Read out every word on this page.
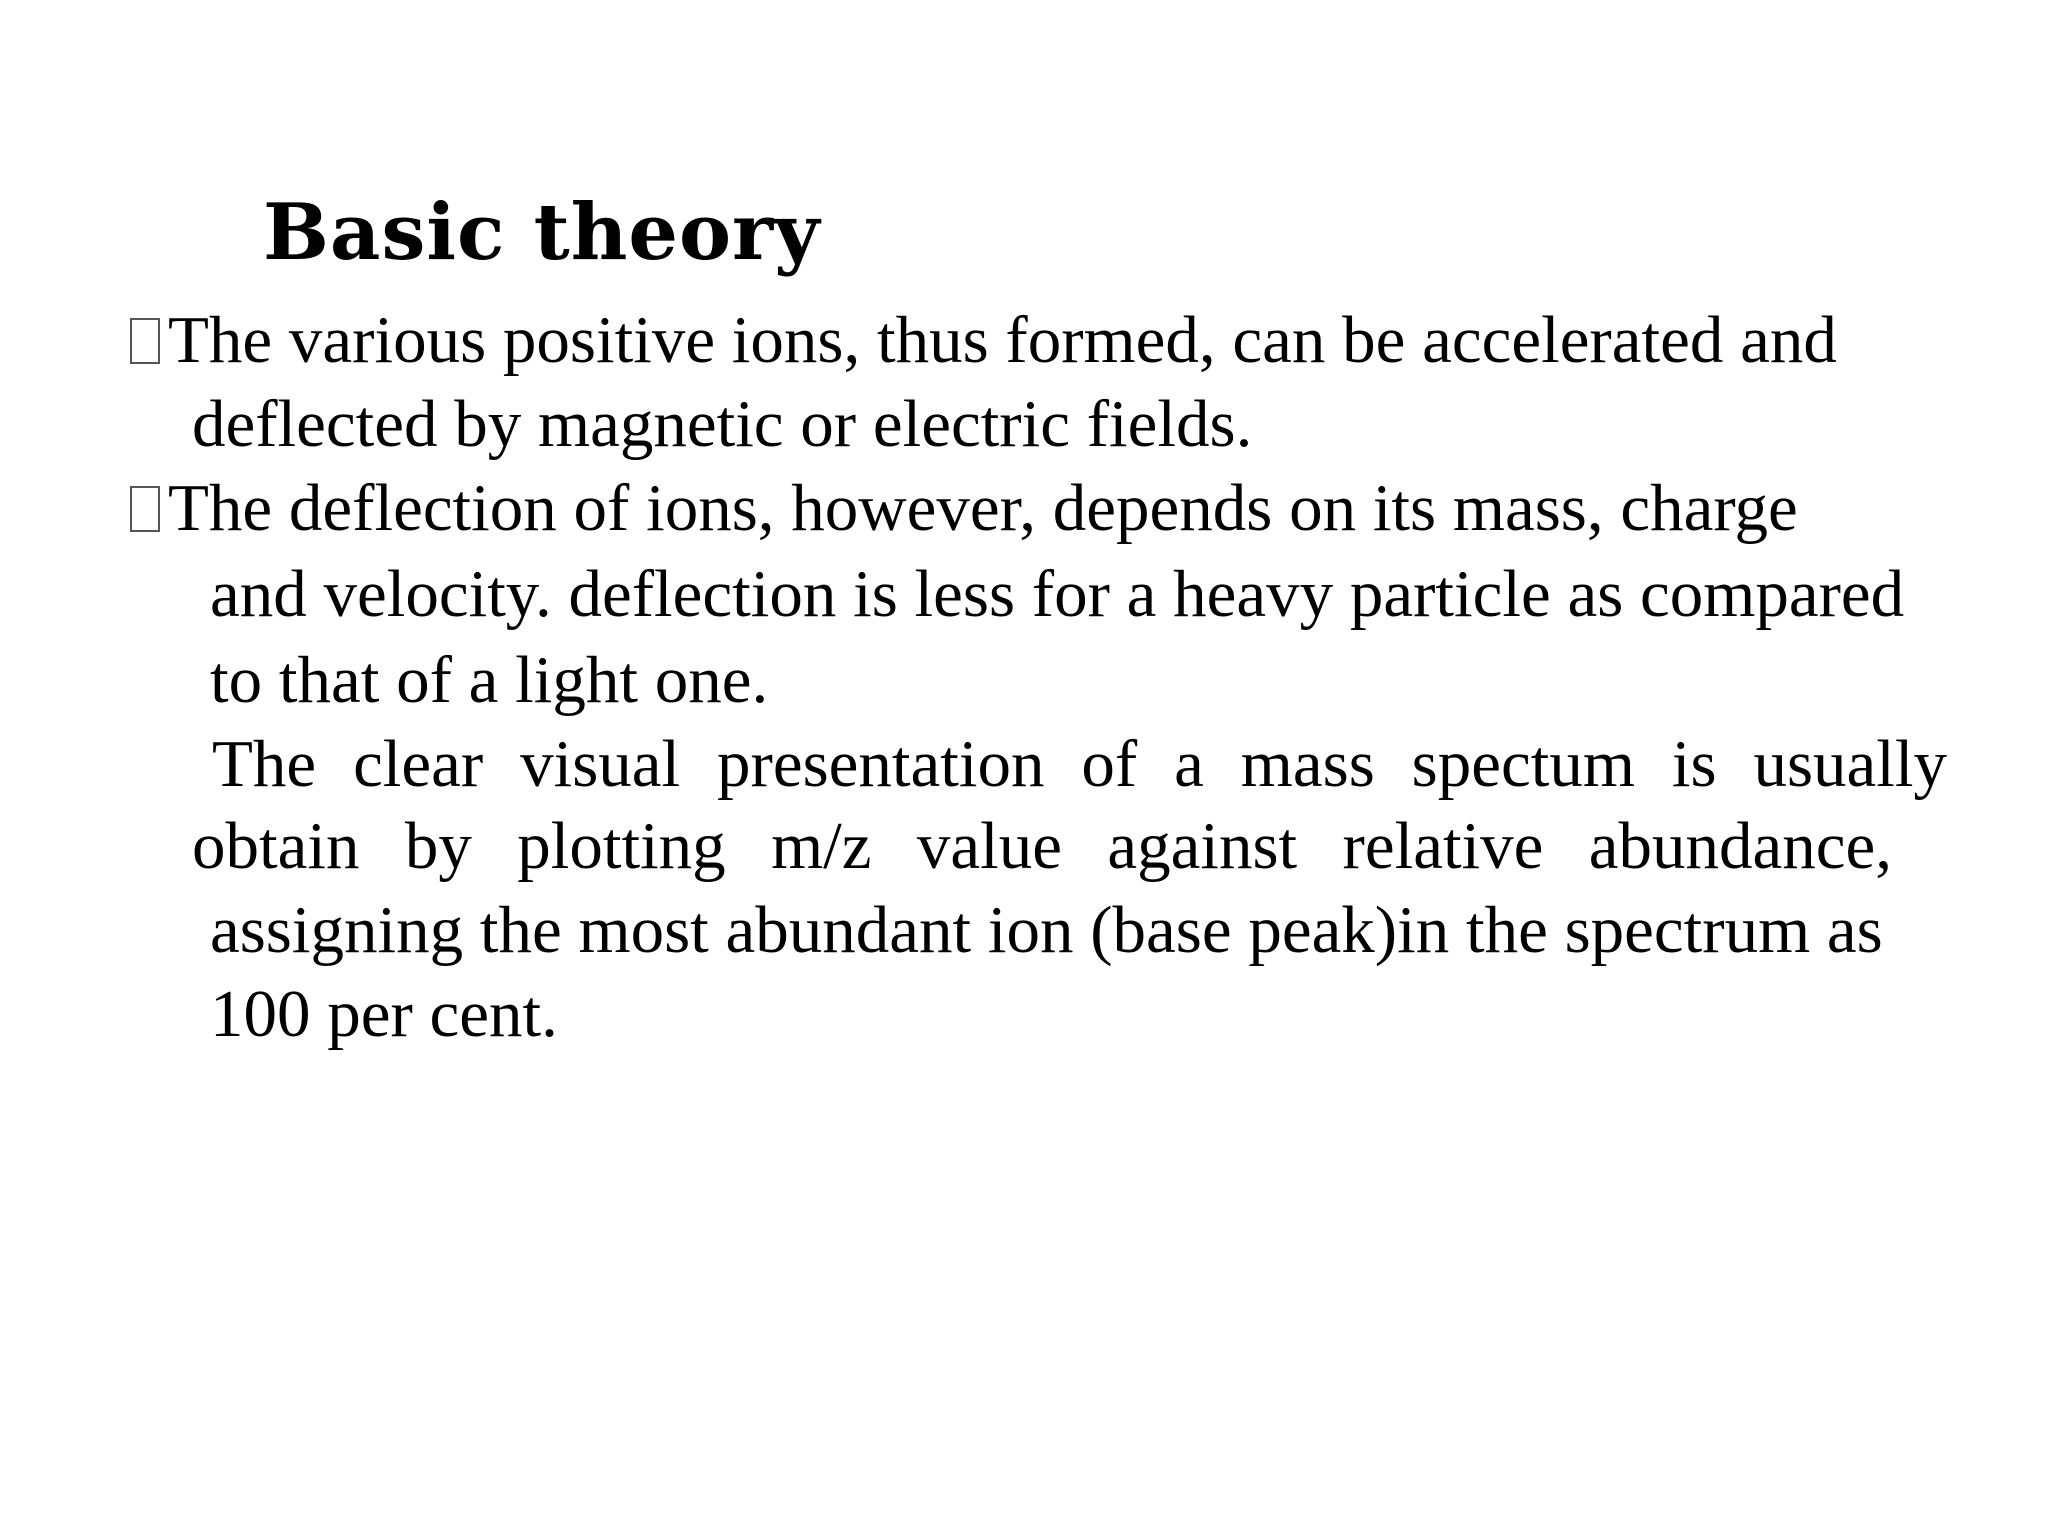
Basic theory
The various positive ions, thus formed, can be accelerated and
deflected by magnetic or electric fields.
The deflection of ions, however, depends on its mass, charge
and velocity. deflection is less for a heavy particle as compared
to that of a light one.
The clear visual presentation of a mass spectum is usually
obtain by plotting m/z value against relative abundance,
assigning the most abundant ion (base peak)in the spectrum as
100 per cent.
